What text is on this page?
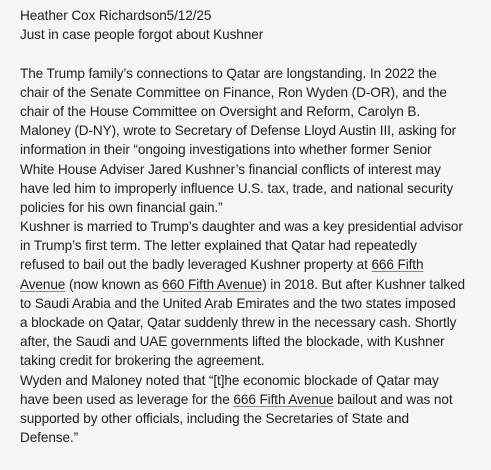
Heather Cox Richardson5/12/25
Just in case people forgot about Kushner
The Trump family’s connections to Qatar are longstanding. In 2022 the
chair of the Senate Committee on Finance, Ron Wyden (D-OR), and the
chair of the House Committee on Oversight and Reform, Carolyn B.
Maloney (D-NY), wrote to Secretary of Defense Lloyd Austin III, asking for
information in their “ongoing investigations into whether former Senior
White House Adviser Jared Kushner’s financial conflicts of interest may
have led him to improperly influence U.S. tax, trade, and national security
policies for his own financial gain.”
Kushner is married to Trump’s daughter and was a key presidential advisor
in Trump’s first term. The letter explained that Qatar had repeatedly
refused to bail out the badly leveraged Kushner property at 666 Fifth
Avenue (now known as 660 Fifth Avenue) in 2018. But after Kushner talked
to Saudi Arabia and the United Arab Emirates and the two states imposed
a blockade on Qatar, Qatar suddenly threw in the necessary cash. Shortly
after, the Saudi and UAE governments lifted the blockade, with Kushner
taking credit for brokering the agreement.
Wyden and Maloney noted that “[t]he economic blockade of Qatar may
have been used as leverage for the 666 Fifth Avenue bailout and was not
supported by other officials, including the Secretaries of State and
Defense.”
